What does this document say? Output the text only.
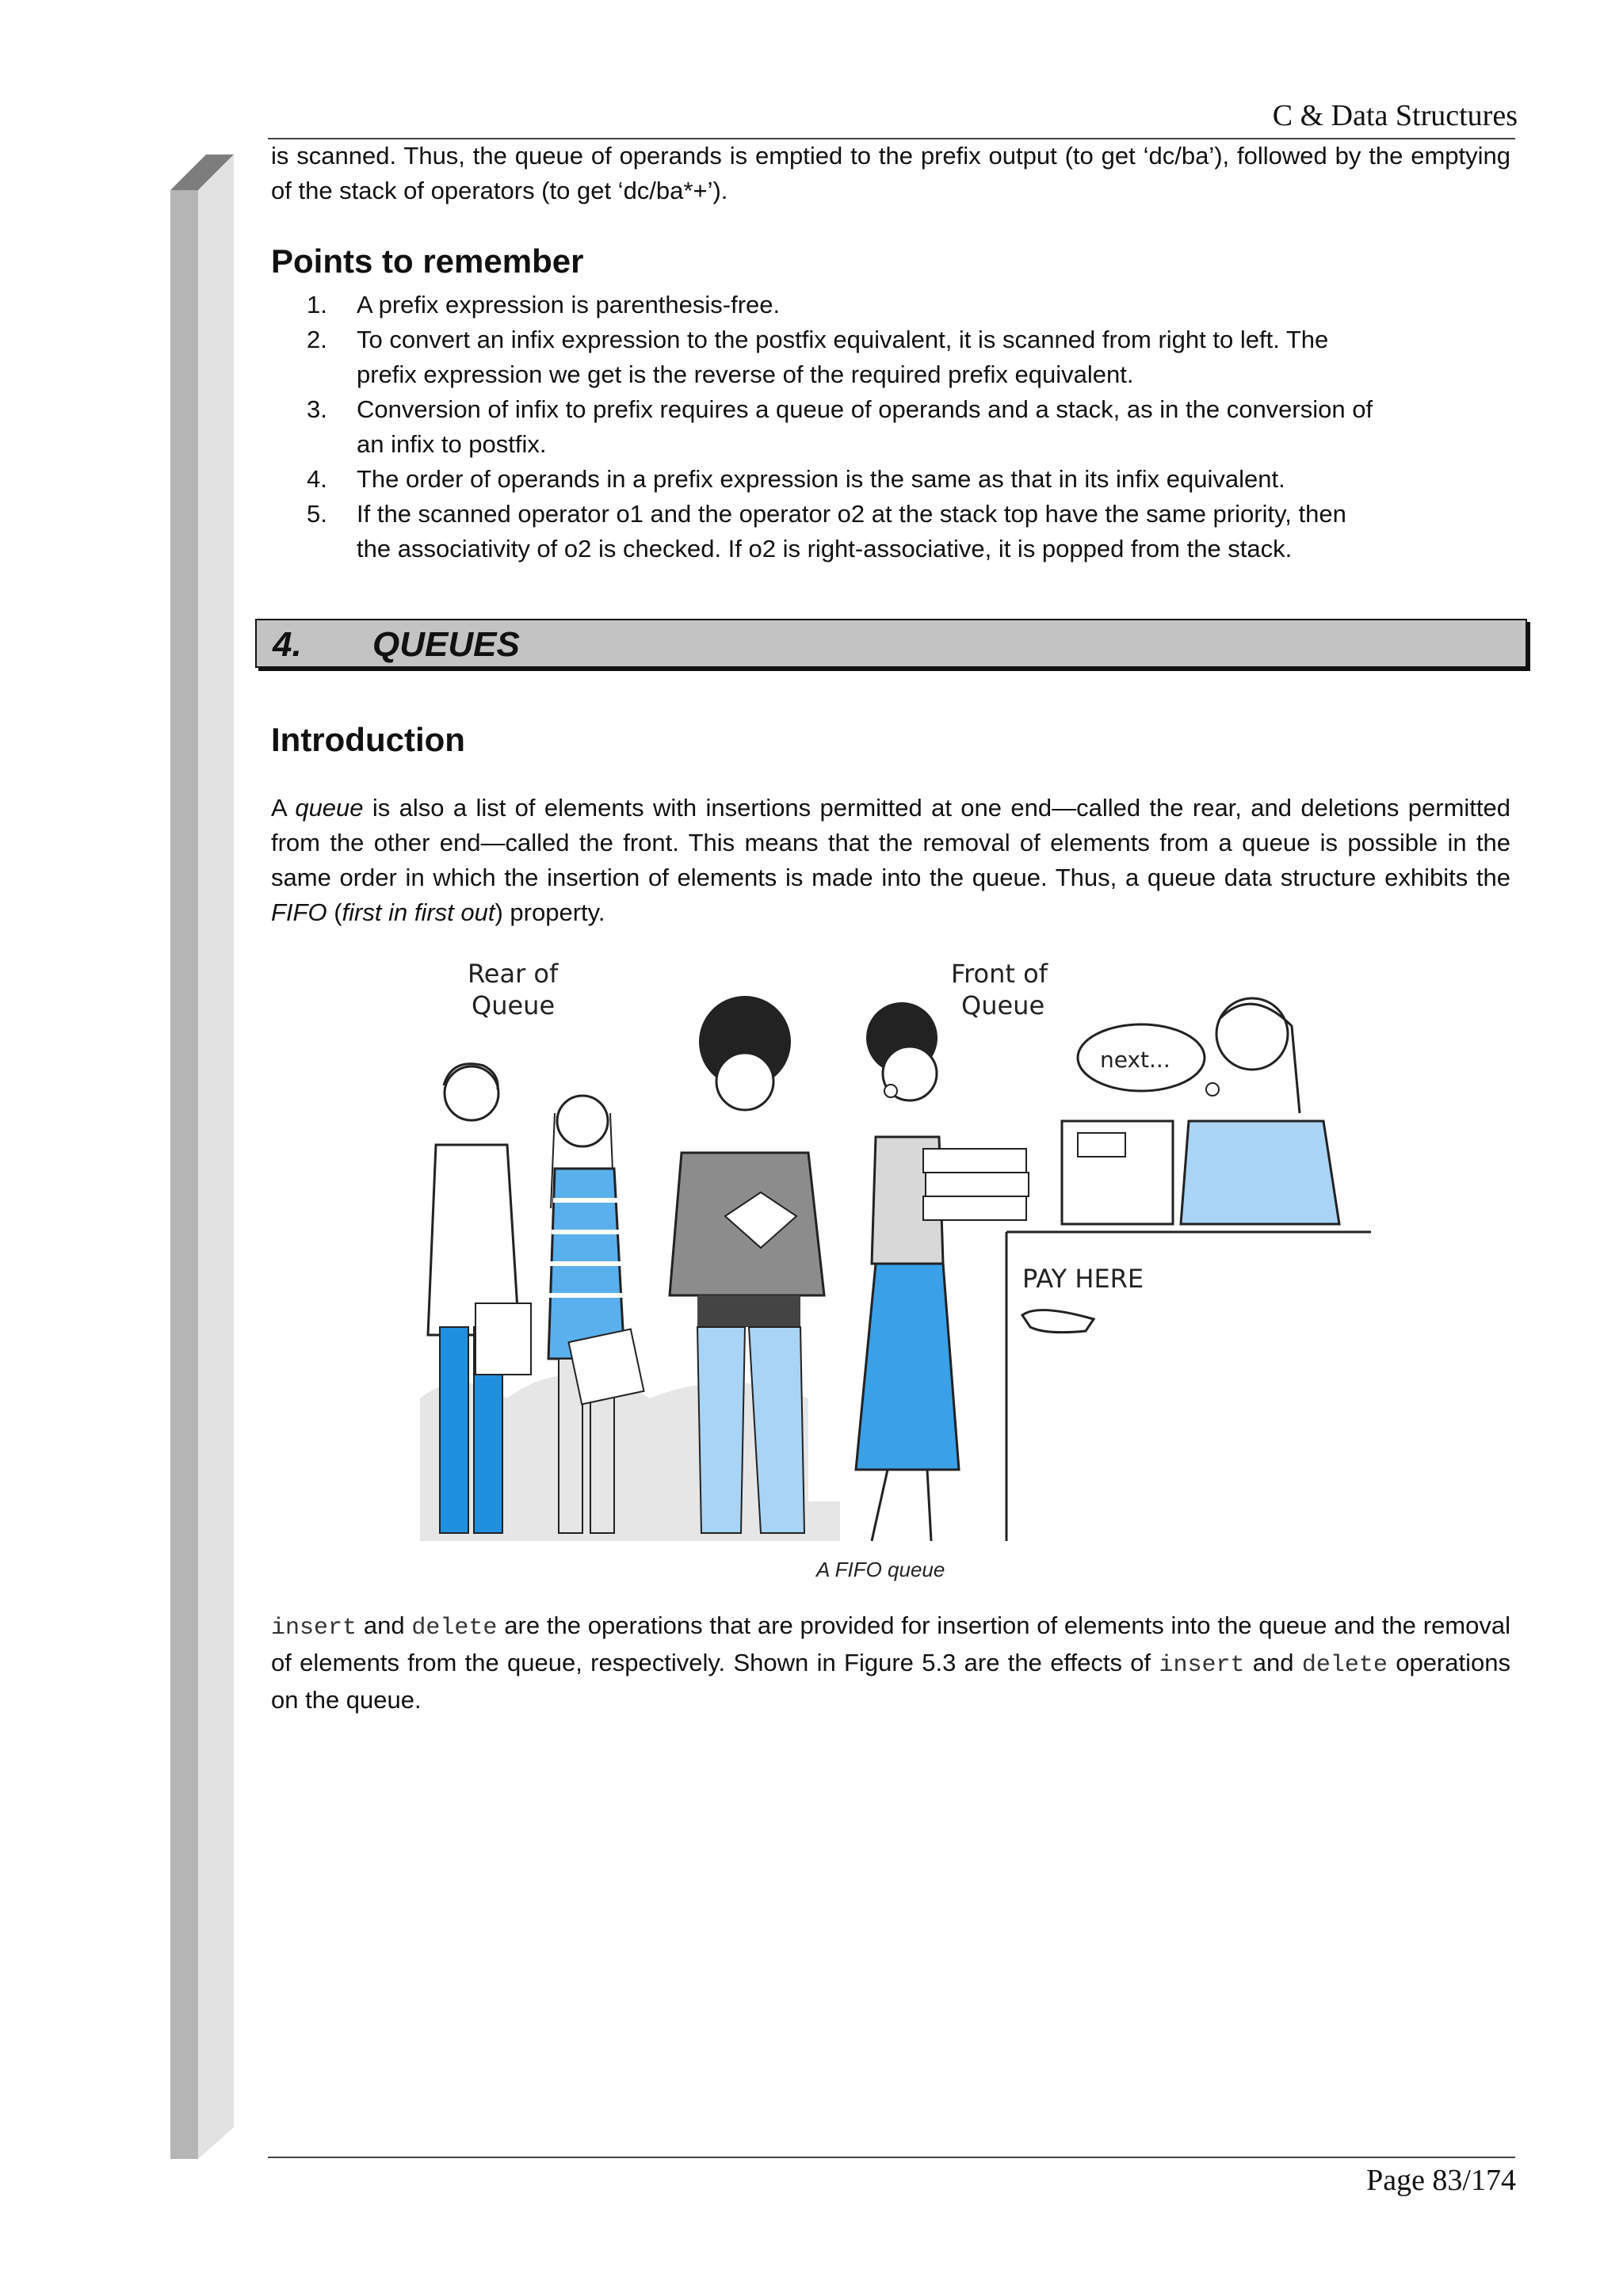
C & Data Structures

is scanned. Thus, the queue of operands is emptied to the prefix output (to get ‘dc/ba’), followed by the emptying of the stack of operators (to get ‘dc/ba*+’).

Points to remember
1. A prefix expression is parenthesis-free.
2. To convert an infix expression to the postfix equivalent, it is scanned from right to left. The
prefix expression we get is the reverse of the required prefix equivalent.
3. Conversion of infix to prefix requires a queue of operands and a stack, as in the conversion of
an infix to postfix.
4. The order of operands in a prefix expression is the same as that in its infix equivalent.
5. If the scanned operator o1 and the operator o2 at the stack top have the same priority, then
the associativity of o2 is checked. If o2 is right-associative, it is popped from the stack.
4. QUEUES
Introduction

A queue is also a list of elements with insertions permitted at one end—called the rear, and deletions permitted from the other end—called the front. This means that the removal of elements from a queue is possible in the same order in which the insertion of elements is made into the queue. Thus, a queue data structure exhibits the FIFO (first in first out) property.

Rear of
Queue
Front of
Queue
next...
PAY HERE
A FIFO queue

insert and delete are the operations that are provided for insertion of elements into the queue and the removal of elements from the queue, respectively. Shown in Figure 5.3 are the effects of insert and delete operations on the queue.

Page 83/174
